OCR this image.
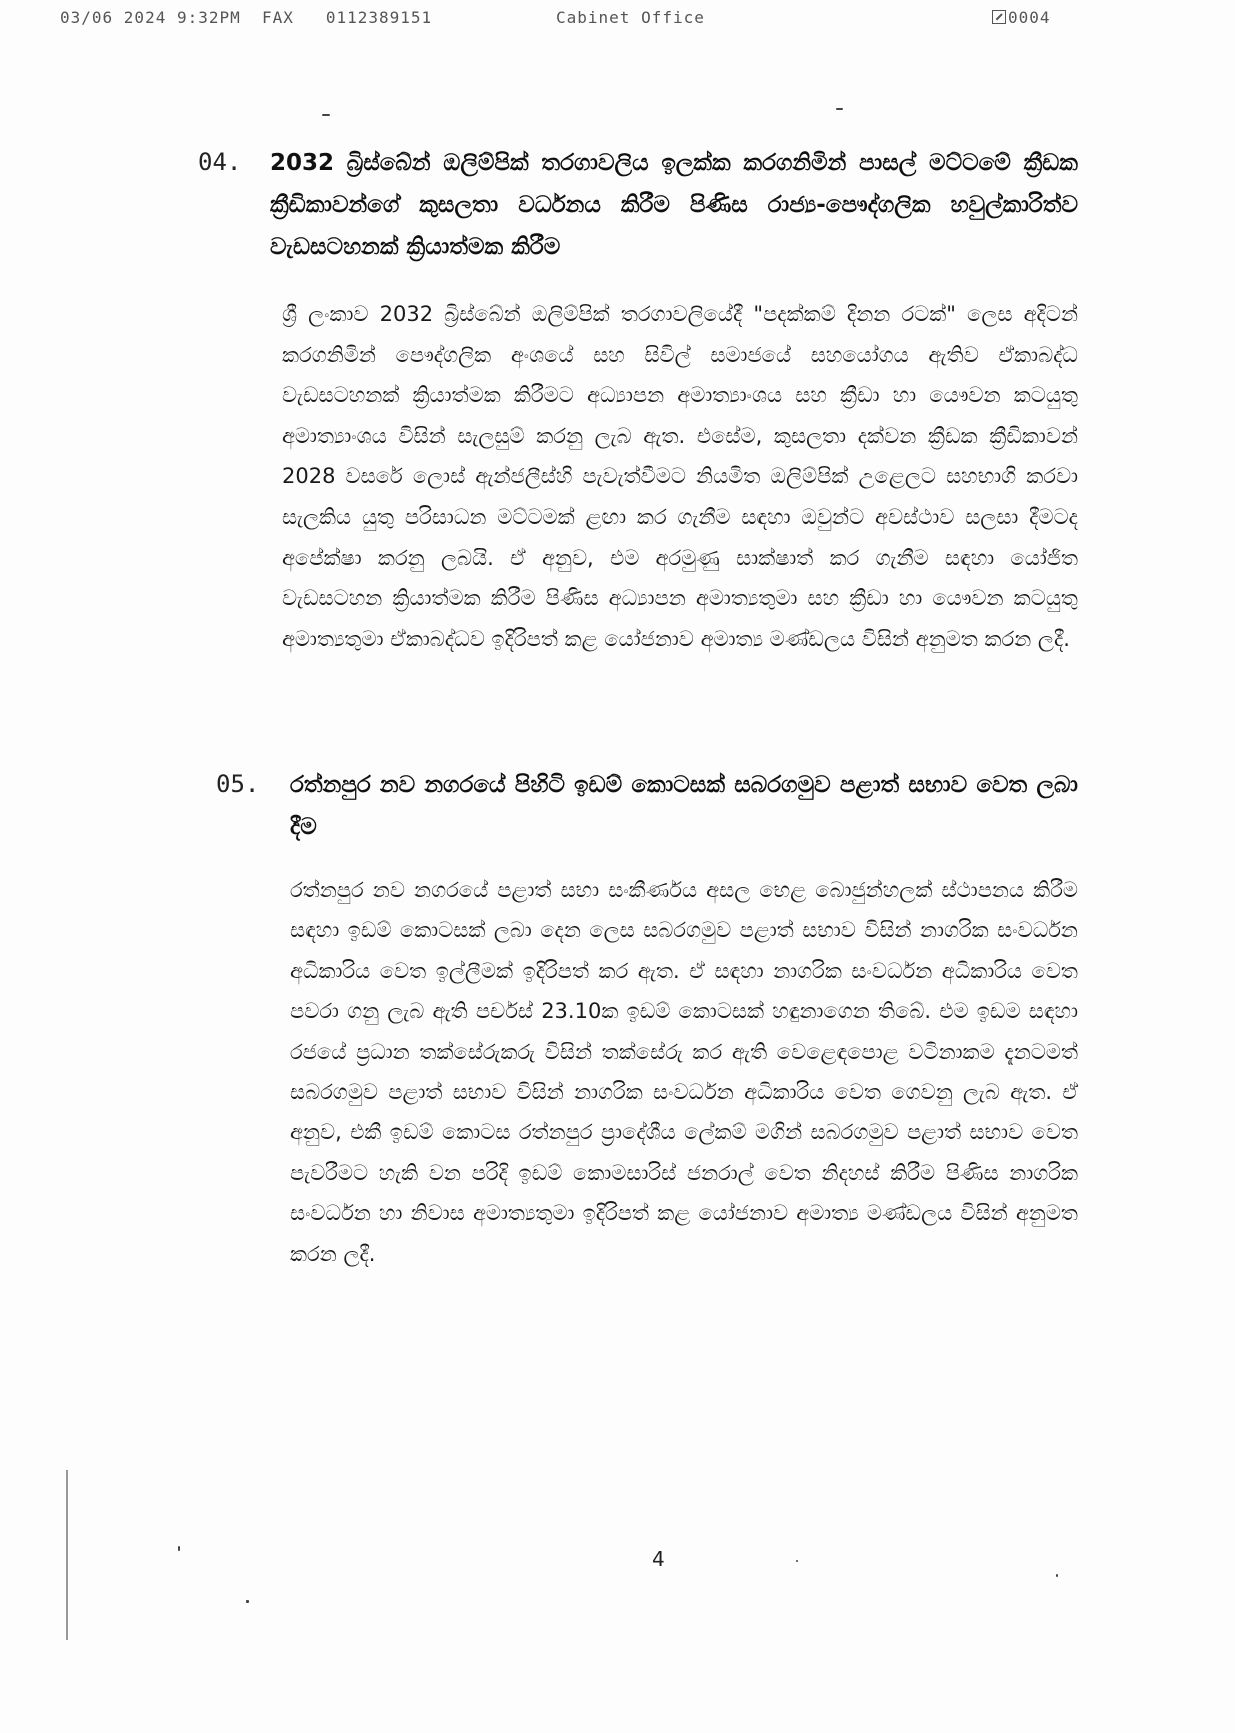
03/06 2024 9:32PM FAX 0112389151	Cabinet Office	0004
04. 2032 බ්‍රිස්බේන් ඔලිම්පික් තරගාවලිය ඉලක්ක කරගනිමින් පාසල් මට්ටමේ ක්‍රීඩක ක්‍රීඩිකාවන්ගේ කුසලතා වර්ධනය කිරීම පිණිස රාජ්‍ය-පෞද්ගලික හවුල්කාරිත්ව වැඩසටහනක් ක්‍රියාත්මක කිරීම
ශ්‍රී ලංකාව 2032 බ්‍රිස්බේන් ඔලිම්පික් තරගාවලියේදී "පදක්කම් දිනන රටක්" ලෙස අදිටන් කරගනිමින් පෞද්ගලික අංශයේ සහ සිවිල් සමාජයේ සහයෝගය ඇතිව ඒකාබද්ධ වැඩසටහනක් ක්‍රියාත්මක කිරීමට අධ්‍යාපන අමාත්‍යාංශය සහ ක්‍රීඩා හා යෞවන කටයුතු අමාත්‍යාංශය විසින් සැලසුම් කරනු ලැබ ඇත. එසේම, කුසලතා දක්වන ක්‍රීඩක ක්‍රීඩිකාවන් 2028 වසරේ ලොස් ඇන්ජලීස්හි පැවැත්වීමට නියමිත ඔලිම්පික් උළෙලට සහභාගි කරවා සැලකිය යුතු පරිසාධන මට්ටමක් ළඟා කර ගැනීම සඳහා ඔවුන්ට අවස්ථාව සලසා දීමටද අපේක්ෂා කරනු ලබයි. ඒ අනුව, එම අරමුණු සාක්ෂාත් කර ගැනීම සඳහා යෝජිත වැඩසටහන ක්‍රියාත්මක කිරීම පිණිස අධ්‍යාපන අමාත්‍යතුමා සහ ක්‍රීඩා හා යෞවන කටයුතු අමාත්‍යතුමා ඒකාබද්ධව ඉදිරිපත් කළ යෝජනාව අමාත්‍ය මණ්ඩලය විසින් අනුමත කරන ලදී.
05. රත්නපුර නව නගරයේ පිහිටි ඉඩම් කොටසක් සබරගමුව පළාත් සභාව වෙත ලබා දීම
රත්නපුර නව නගරයේ පළාත් සභා සංකීර්ණය අසල භෙළ බොජුන්හලක් ස්ථාපනය කිරීම සඳහා ඉඩම් කොටසක් ලබා දෙන ලෙස සබරගමුව පළාත් සභාව විසින් නාගරික සංවර්ධන අධිකාරිය වෙත ඉල්ලීමක් ඉදිරිපත් කර ඇත. ඒ සඳහා නාගරික සංවර්ධන අධිකාරිය වෙත පවරා ගනු ලැබ ඇති පර්චස් 23.10ක ඉඩම් කොටසක් හඳුනාගෙන තිබේ. එම ඉඩම සඳහා රජයේ ප්‍රධාන තක්සේරුකරු විසින් තක්සේරු කර ඇති වෙළෙඳපොළ වටිනාකම දැනටමත් සබරගමුව පළාත් සභාව විසින් නාගරික සංවර්ධන අධිකාරිය වෙත ගෙවනු ලැබ ඇත. ඒ අනුව, එකී ඉඩම් කොටස රත්නපුර ප්‍රාදේශීය ලේකම් මගින් සබරගමුව පළාත් සභාව වෙත පැවරීමට හැකි වන පරිදි ඉඩම් කොමසාරිස් ජනරාල් වෙත නිදහස් කිරීම පිණිස නාගරික සංවර්ධන හා නිවාස අමාත්‍යතුමා ඉදිරිපත් කළ යෝජනාව අමාත්‍ය මණ්ඩලය විසින් අනුමත කරන ලදී.
4
